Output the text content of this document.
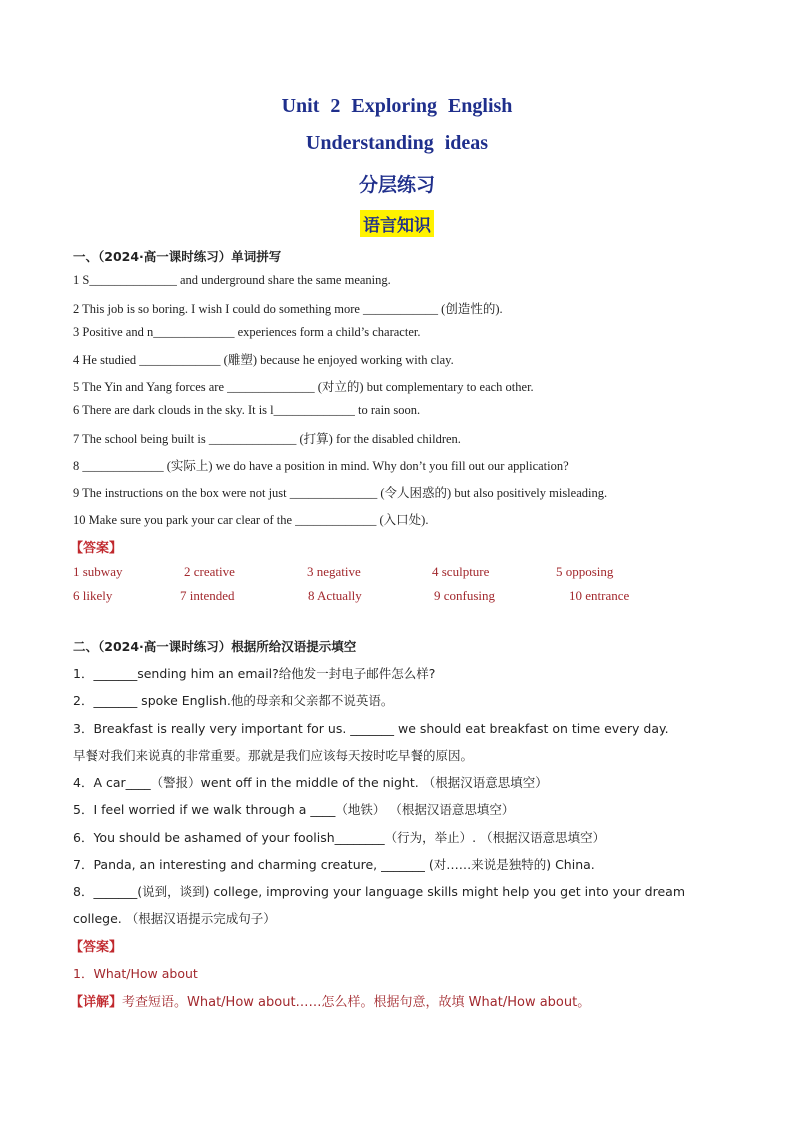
Unit 2 Exploring English
Understanding ideas
分层练习
语言知识
一、（2024·高一课时练习）单词拼写
1 S______________ and underground share the same meaning.
2 This job is so boring. I wish I could do something more ____________ (创造性的).
3 Positive and n_____________ experiences form a child’s character.
4 He studied _____________ (雕塑) because he enjoyed working with clay.
5 The Yin and Yang forces are ______________ (对立的) but complementary to each other.
6 There are dark clouds in the sky. It is l_____________ to rain soon.
7 The school being built is ______________ (打算) for the disabled children.
8 _____________ (实际上) we do have a position in mind. Why don’t you fill out our application?
9 The instructions on the box were not just ______________ (令人困惑的) but also positively misleading.
10 Make sure you park your car clear of the _____________ (入口处).
【答案】
1 subway	2 creative	3 negative	4 sculpture	5 opposing
6 likely	7 intended	8 Actually	9 confusing	10 entrance
二、（2024·高一课时练习）根据所给汉语提示填空
1．_______sending him an email?给他发一封电子邮件怎么样?
2．_______ spoke English.他的母亲和父亲都不说英语。
3．Breakfast is really very important for us. _______ we should eat breakfast on time every day.
早餐对我们来说真的非常重要。那就是我们应该每天按时吃早餐的原因。
4．A car____（警报）went off in the middle of the night. （根据汉语意思填空）
5．I feel worried if we walk through a ____（地铁） （根据汉语意思填空）
6．You should be ashamed of your foolish________（行为，举止）. （根据汉语意思填空）
7．Panda, an interesting and charming creature, _______ (对……来说是独特的) China.
8．_______(说到，谈到) college, improving your language skills might help you get into your dream
college. （根据汉语提示完成句子）
【答案】
1．What/How about
【详解】考查短语。What/How about……怎么样。根据句意，故填 What/How about。
